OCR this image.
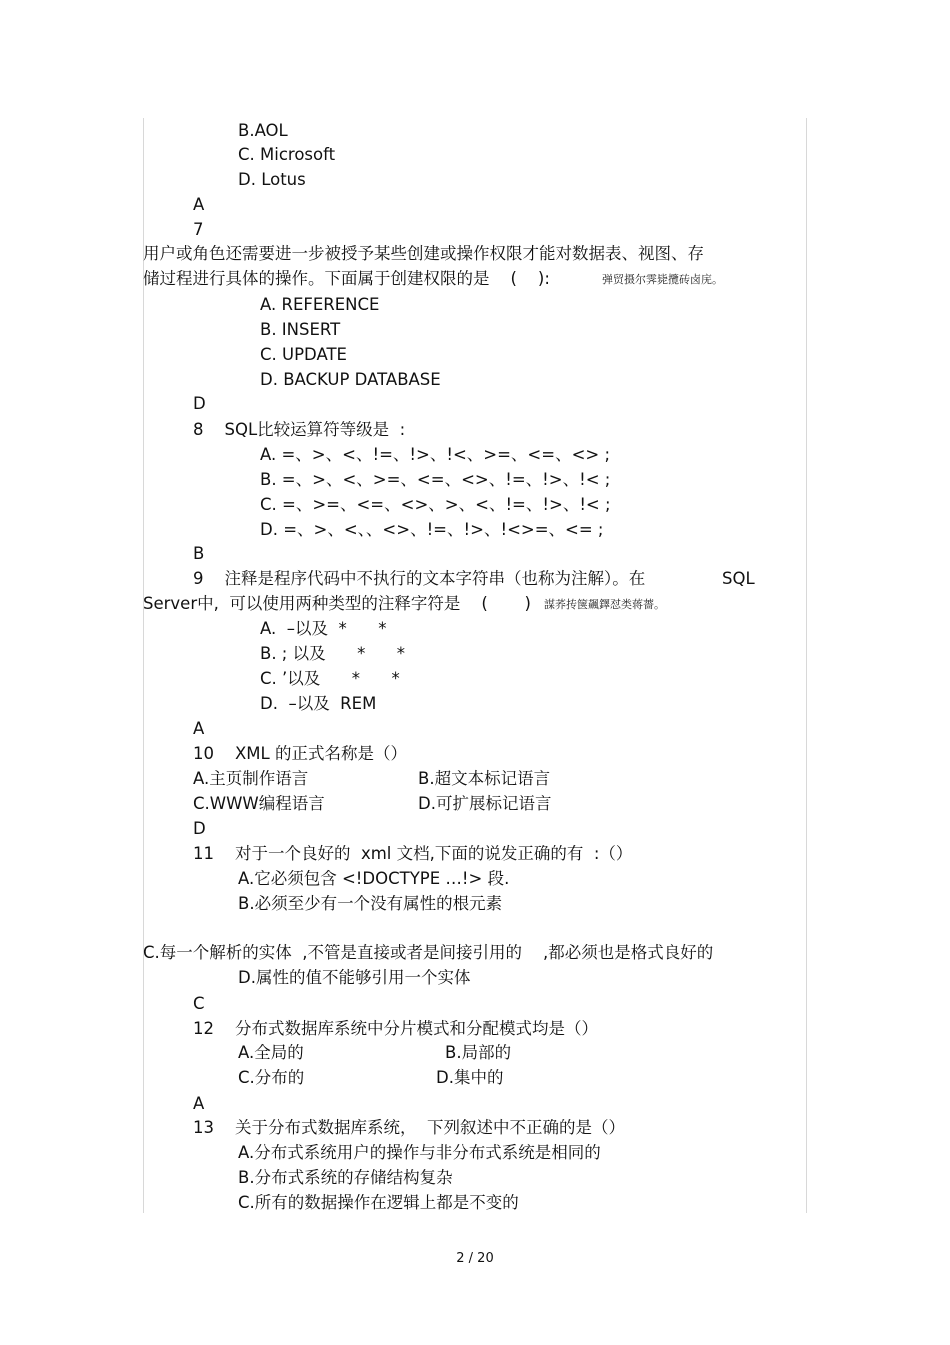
B.AOL
C. Microsoft
D. Lotus
A
7
用户或角色还需要进一步被授予某些创建或操作权限才能对数据表、视图、存
储过程进行具体的操作。下面属于创建权限的是    (    ):	弹贸摄尔霁毙攬砖卤庑。
A. REFERENCE
B. INSERT
C. UPDATE
D. BACKUP DATABASE
D
8    SQL比较运算符等级是  :
A. =、>、<、!=、!>、!<、>=、<=、<> ;
B. =、>、<、>=、<=、<>、!=、!>、!< ;
C. =、>=、<=、<>、>、<、!=、!>、!< ;
D. =、>、<、、<>、!=、!>、!<>=、<= ;
B
9    注释是程序代码中不执行的文本字符串（也称为注解）。在	SQL
Server中,  可以使用两种类型的注释字符是    (       ) 謀荞抟箧飆鐸怼类蒋薔。
A.  –以及  *      *
B. ; 以及      *      *
C. ’以及      *      *
D.  –以及  REM
A
10    XML 的正式名称是（）
A.主页制作语言	B.超文本标记语言
C.WWW编程语言	D.可扩展标记语言
D
11    对于一个良好的  xml 文档,下面的说发正确的有  :（）
A.它必须包含 <!DOCTYPE …!> 段.
B.必须至少有一个没有属性的根元素
C.每一个解析的实体  ,不管是直接或者是间接引用的    ,都必须也是格式良好的
D.属性的值不能够引用一个实体
C
12    分布式数据库系统中分片模式和分配模式均是（）
A.全局的	B.局部的
C.分布的	D.集中的
A
13    关于分布式数据库系统，  下列叙述中不正确的是（）
A.分布式系统用户的操作与非分布式系统是相同的
B.分布式系统的存储结构复杂
C.所有的数据操作在逻辑上都是不变的
2 / 20
